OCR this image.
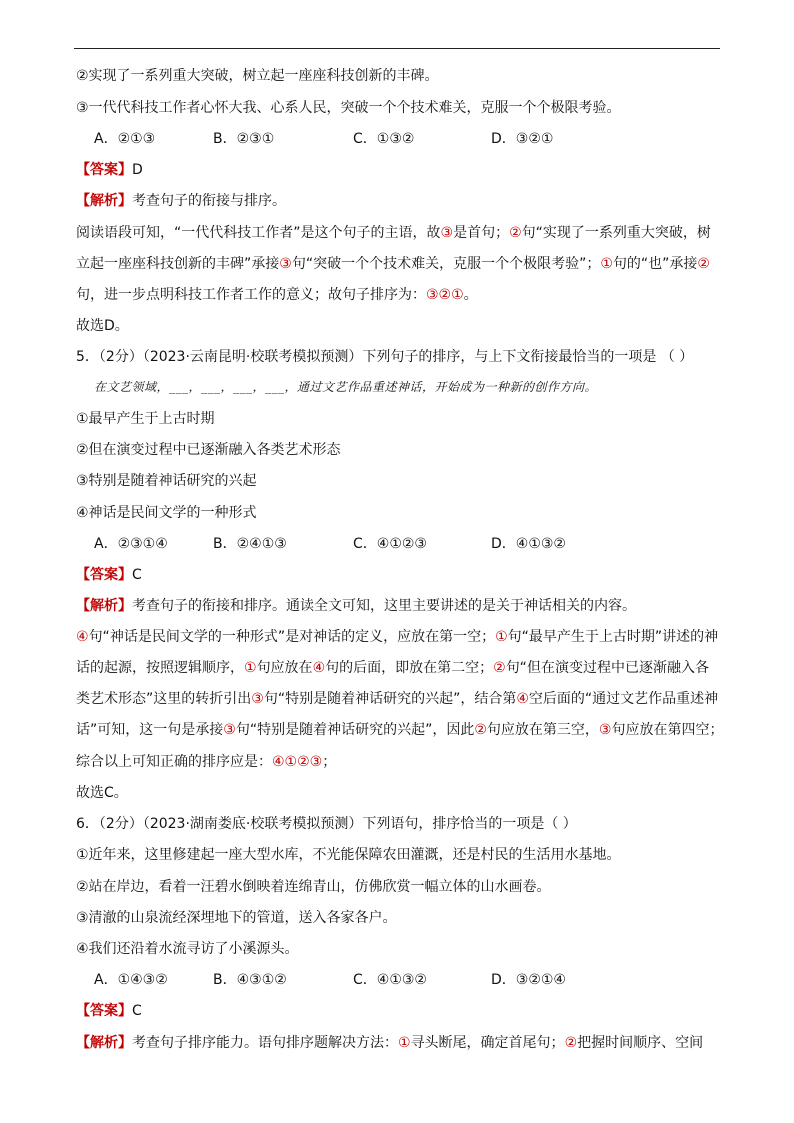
②实现了一系列重大突破，树立起一座座科技创新的丰碑。
③一代代科技工作者心怀大我、心系人民，突破一个个技术难关，克服一个个极限考验。
A．②①③	B．②③①	C．①③②	D．③②①
【答案】D
【解析】考查句子的衔接与排序。
阅读语段可知，“一代代科技工作者”是这个句子的主语，故③是首句；②句“实现了一系列重大突破，树
立起一座座科技创新的丰碑”承接③句“突破一个个技术难关，克服一个个极限考验”；①句的“也”承接②
句，进一步点明科技工作者工作的意义；故句子排序为：③②①。
故选D。
5．（2分）（2023·云南昆明·校联考模拟预测）下列句子的排序，与上下文衔接最恰当的一项是 （ ）
在文艺领域，___，___，___，___，通过文艺作品重述神话，开始成为一种新的创作方向。
①最早产生于上古时期
②但在演变过程中已逐渐融入各类艺术形态
③特别是随着神话研究的兴起
④神话是民间文学的一种形式
A．②③①④	B．②④①③	C．④①②③	D．④①③②
【答案】C
【解析】考查句子的衔接和排序。通读全文可知，这里主要讲述的是关于神话相关的内容。
④句“神话是民间文学的一种形式”是对神话的定义，应放在第一空；①句“最早产生于上古时期”讲述的神
话的起源，按照逻辑顺序，①句应放在④句的后面，即放在第二空；②句“但在演变过程中已逐渐融入各
类艺术形态”这里的转折引出③句“特别是随着神话研究的兴起”，结合第④空后面的“通过文艺作品重述神
话”可知，这一句是承接③句“特别是随着神话研究的兴起”，因此②句应放在第三空，③句应放在第四空；
综合以上可知正确的排序应是：④①②③；
故选C。
6．（2分）（2023·湖南娄底·校联考模拟预测）下列语句，排序恰当的一项是（ ）
①近年来，这里修建起一座大型水库，不光能保障农田灌溉，还是村民的生活用水基地。
②站在岸边，看着一汪碧水倒映着连绵青山，仿佛欣赏一幅立体的山水画卷。
③清澈的山泉流经深埋地下的管道，送入各家各户。
④我们还沿着水流寻访了小溪源头。
A．①④③②	B．④③①②	C．④①③②	D．③②①④
【答案】C
【解析】考查句子排序能力。语句排序题解决方法：①寻头断尾，确定首尾句；②把握时间顺序、空间
